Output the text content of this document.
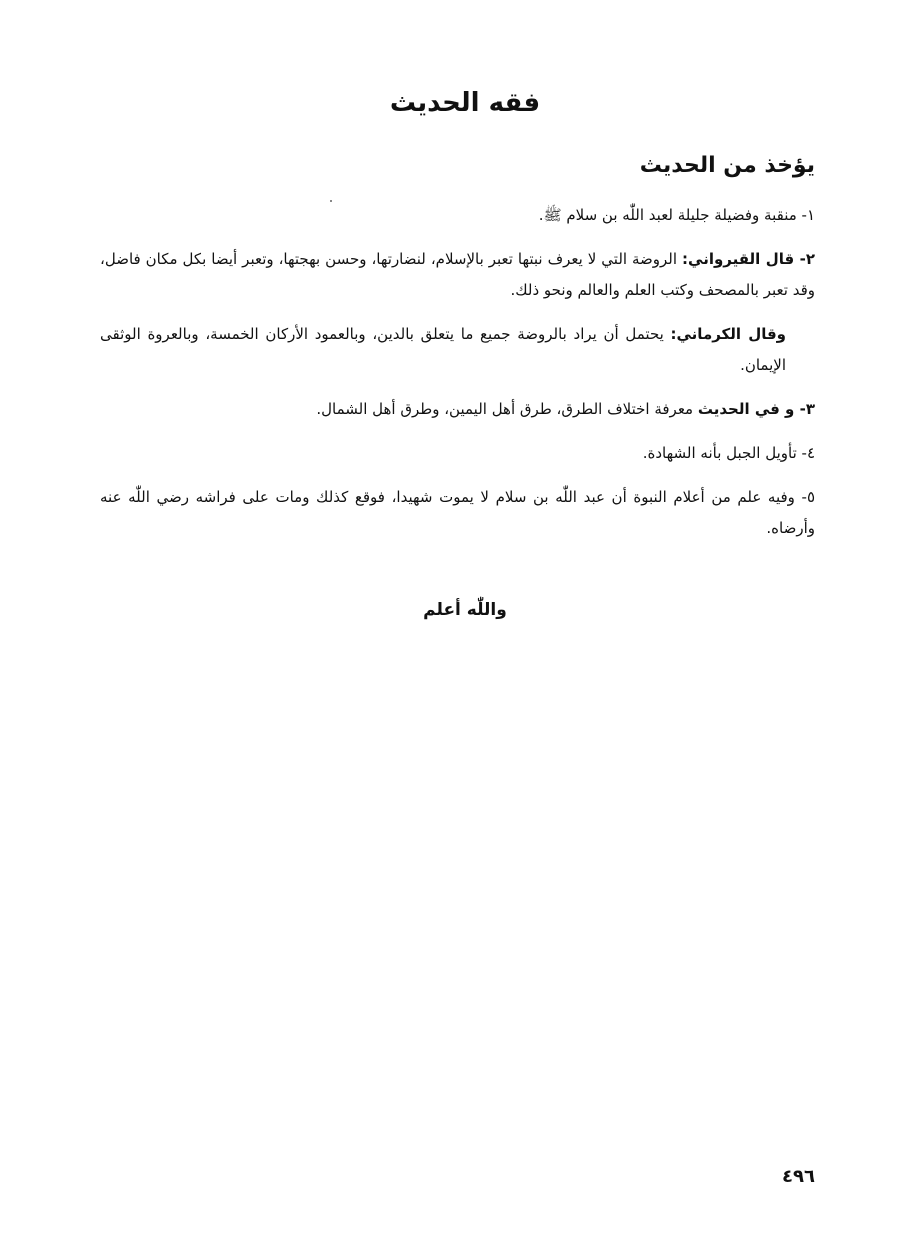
فقه الحديث
يؤخذ من الحديث
١- منقبة وفضيلة جليلة لعبد اللّٰه بن سلام ﷺ.
٢- قال القيرواني: الروضة التي لا يعرف نبتها تعبر بالإسلام، لنضارتها، وحسن بهجتها، وتعبر أيضا بكل مكان فاضل، وقد تعبر بالمصحف وكتب العلم والعالم ونحو ذلك.
وقال الكرماني: يحتمل أن يراد بالروضة جميع ما يتعلق بالدين، وبالعمود الأركان الخمسة، وبالعروة الوثقى الإيمان.
٣- و في الحديث معرفة اختلاف الطرق، طرق أهل اليمين، وطرق أهل الشمال.
٤- تأويل الجبل بأنه الشهادة.
٥- وفيه علم من أعلام النبوة أن عبد اللّٰه بن سلام لا يموت شهيدا، فوقع كذلك ومات على فراشه رضي اللّٰه عنه وأرضاه.

واللّٰه أعلم

٤٩٦
